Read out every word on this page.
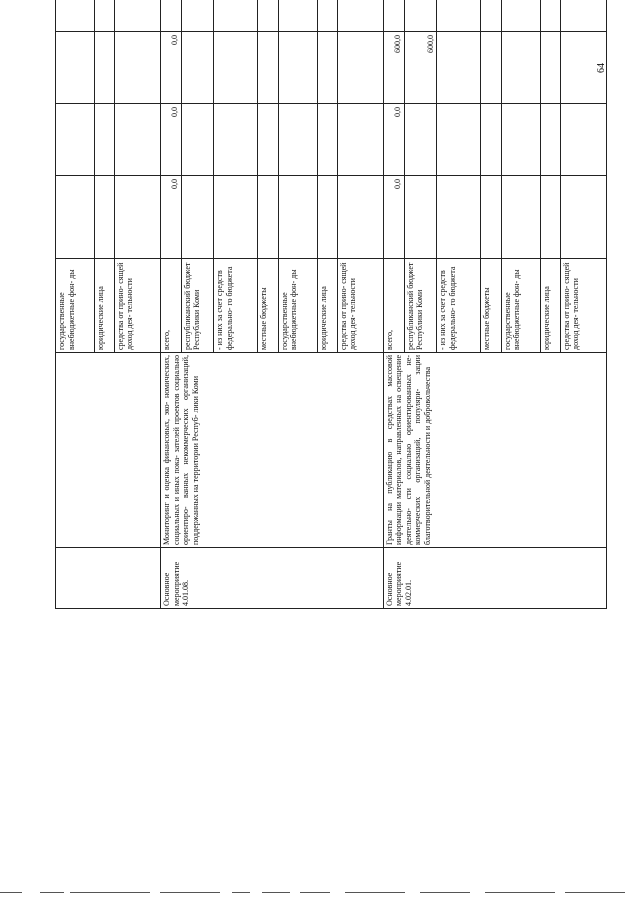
64

		государственные внебюджетные фон- ды					

		юридические лица					

		средства от прино- сящей доход дея- тельности					

Основное мероприятие 4.01.08.	Мониторинг и оценка финансовых, эко- номических, социальных и иных пока- зателей проектов социально ориентиро- ванных некоммерческих организаций, поддержанных на территории Респуб- лики Коми	всего,	0,0	0,0	0,0

		республиканский бюджет Республики Коми					

		- из них за счет средств федерально- го бюджета					

		местные бюджеты					

		государственные внебюджетные фон- ды					

		юридические лица					

		средства от прино- сящей доход дея- тельности					

Основное мероприятие 4.02.01.	Гранты на публикацию в средствах массовой информации материалов, направленных на освещение деятельно- сти социально ориентированных не- коммерческих организаций, популяри- зации благотворительной деятельности и добровольчества	всего,	0,0	0,0	600,0

		республиканский бюджет Республики Коми			600,0

		- из них за счет средств федерально- го бюджета					

		местные бюджеты					

		государственные внебюджетные фон- ды					

		юридические лица					

		средства от прино- сящей доход дея- тельности					
